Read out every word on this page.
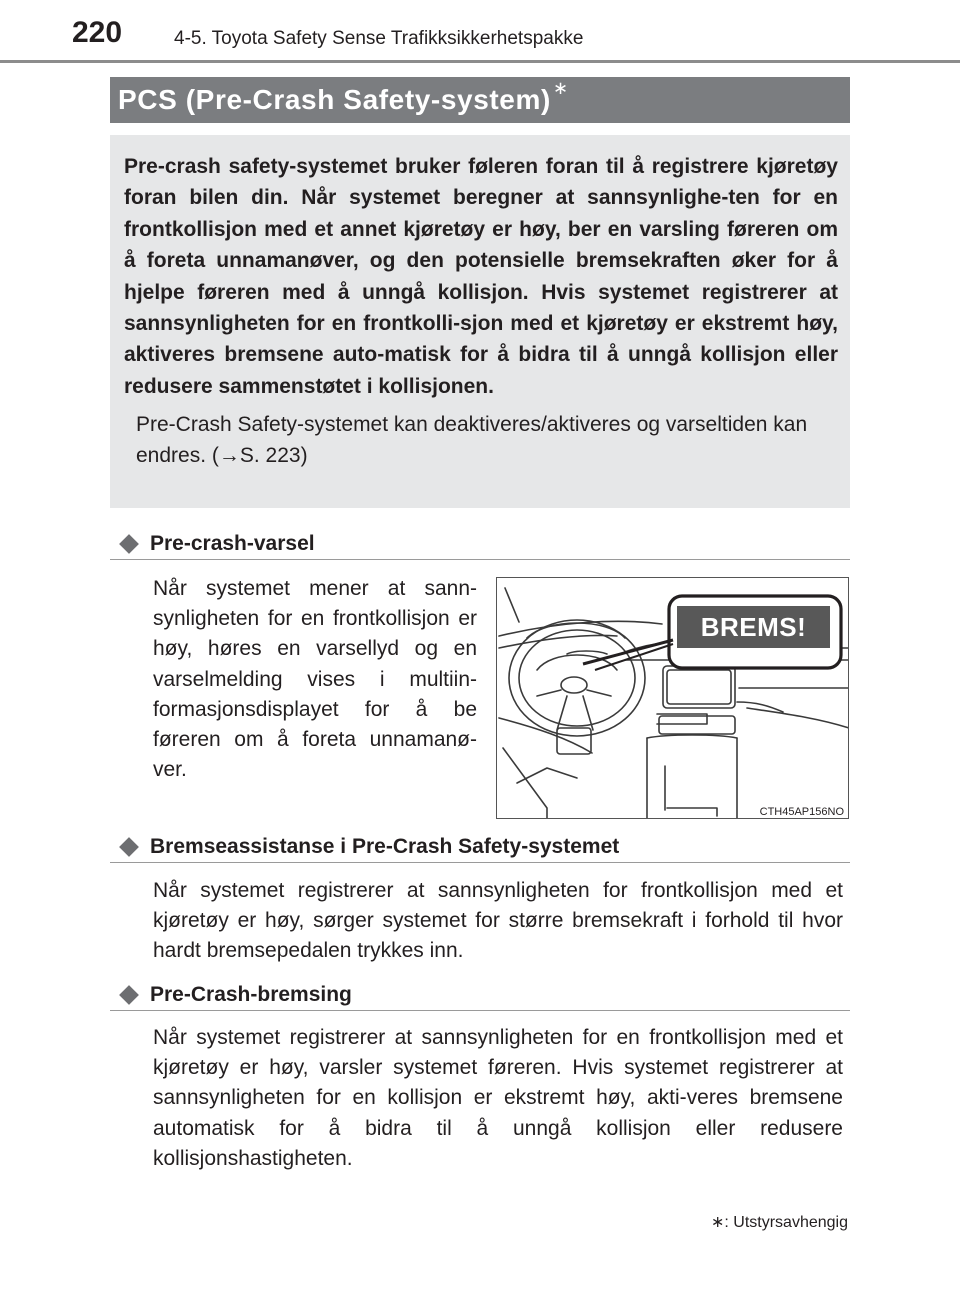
220	4-5. Toyota Safety Sense Trafikksikkerhetspakke
PCS (Pre-Crash Safety-system) ∗

Pre-crash safety-systemet bruker føleren foran til å registrere kjøretøy foran bilen din. Når systemet beregner at sannsynlighe-ten for en frontkollisjon med et annet kjøretøy er høy, ber en varsling føreren om å foreta unnamanøver, og den potensielle bremsekraften øker for å hjelpe føreren med å unngå kollisjon. Hvis systemet registrerer at sannsynligheten for en frontkolli-sjon med et kjøretøy er ekstremt høy, aktiveres bremsene auto-matisk for å bidra til å unngå kollisjon eller redusere sammenstøtet i kollisjonen.

Pre-Crash Safety-systemet kan deaktiveres/aktiveres og varseltiden kan endres. (→S. 223)

Pre-crash-varsel

Når systemet mener at sann-synligheten for en frontkollisjon er høy, høres en varsellyd og en varselmelding vises i multiin-formasjonsdisplayet for å be føreren om å foreta unnamanø-ver.

BREMS!
CTH45AP156NO
Bremseassistanse i Pre-Crash Safety-systemet

Når systemet registrerer at sannsynligheten for frontkollisjon med et kjøretøy er høy, sørger systemet for større bremsekraft i forhold til hvor hardt bremsepedalen trykkes inn.

Pre-Crash-bremsing

Når systemet registrerer at sannsynligheten for en frontkollisjon med et kjøretøy er høy, varsler systemet føreren. Hvis systemet registrerer at sannsynligheten for en kollisjon er ekstremt høy, akti-veres bremsene automatisk for å bidra til å unngå kollisjon eller redusere kollisjonshastigheten.

∗: Utstyrsavhengig
